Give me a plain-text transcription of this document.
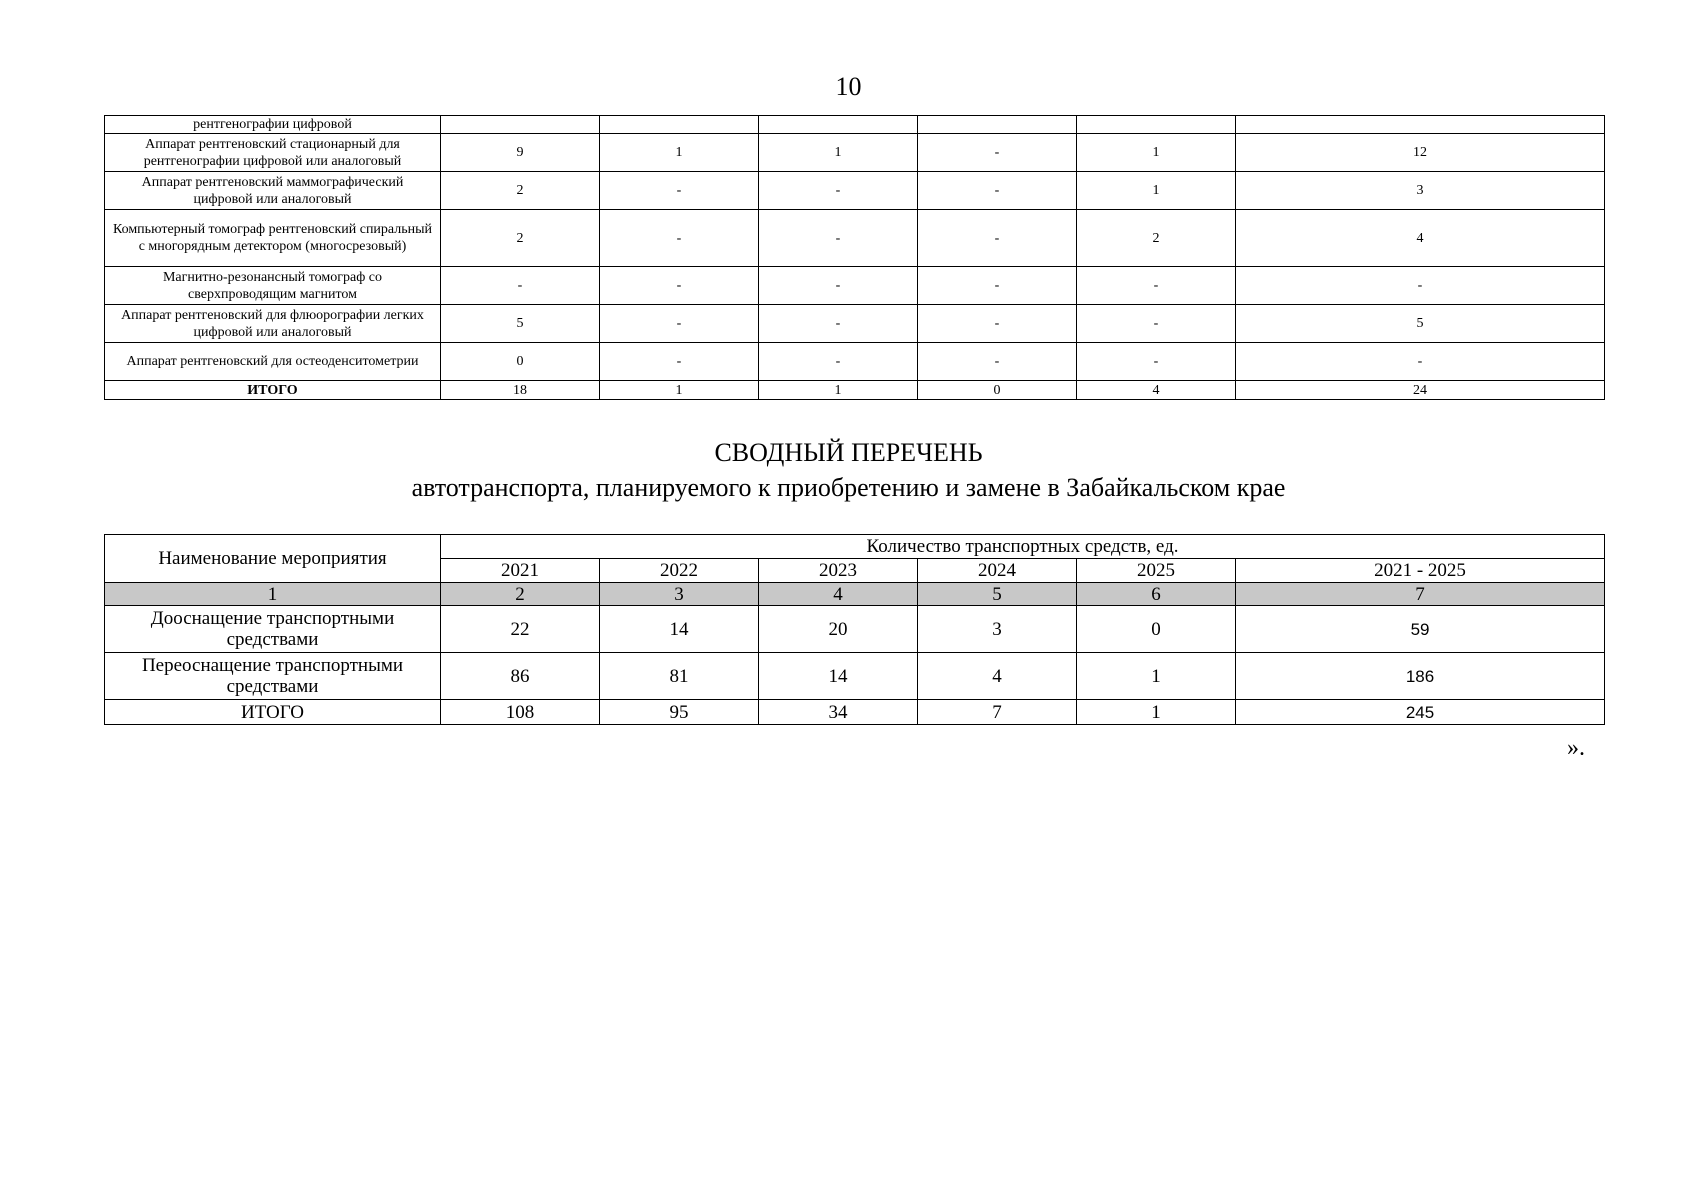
10
рентгенографии цифровой						
Аппарат рентгеновский стационарный для рентгенографии цифровой или аналоговый	9	1	1	-	1	12
Аппарат рентгеновский маммографический цифровой или аналоговый	2	-	-	-	1	3
Компьютерный томограф рентгеновский спиральный с многорядным детектором (многосрезовый)	2	-	-	-	2	4
Магнитно-резонансный томограф со сверхпроводящим магнитом	-	-	-	-	-	-
Аппарат рентгеновский для флюорографии легких цифровой или аналоговый	5	-	-	-	-	5
Аппарат рентгеновский для остеоденситометрии	0	-	-	-	-	-
ИТОГО	18	1	1	0	4	24
СВОДНЫЙ ПЕРЕЧЕНЬ
автотранспорта, планируемого к приобретению и замене в Забайкальском крае
Наименование мероприятия	Количество транспортных средств, ед.					
	2021	2022	2023	2024	2025	2021 - 2025
1	2	3	4	5	6	7
Дооснащение транспортными средствами	22	14	20	3	0	59
Переоснащение транспортными средствами	86	81	14	4	1	186
ИТОГО	108	95	34	7	1	245
».
